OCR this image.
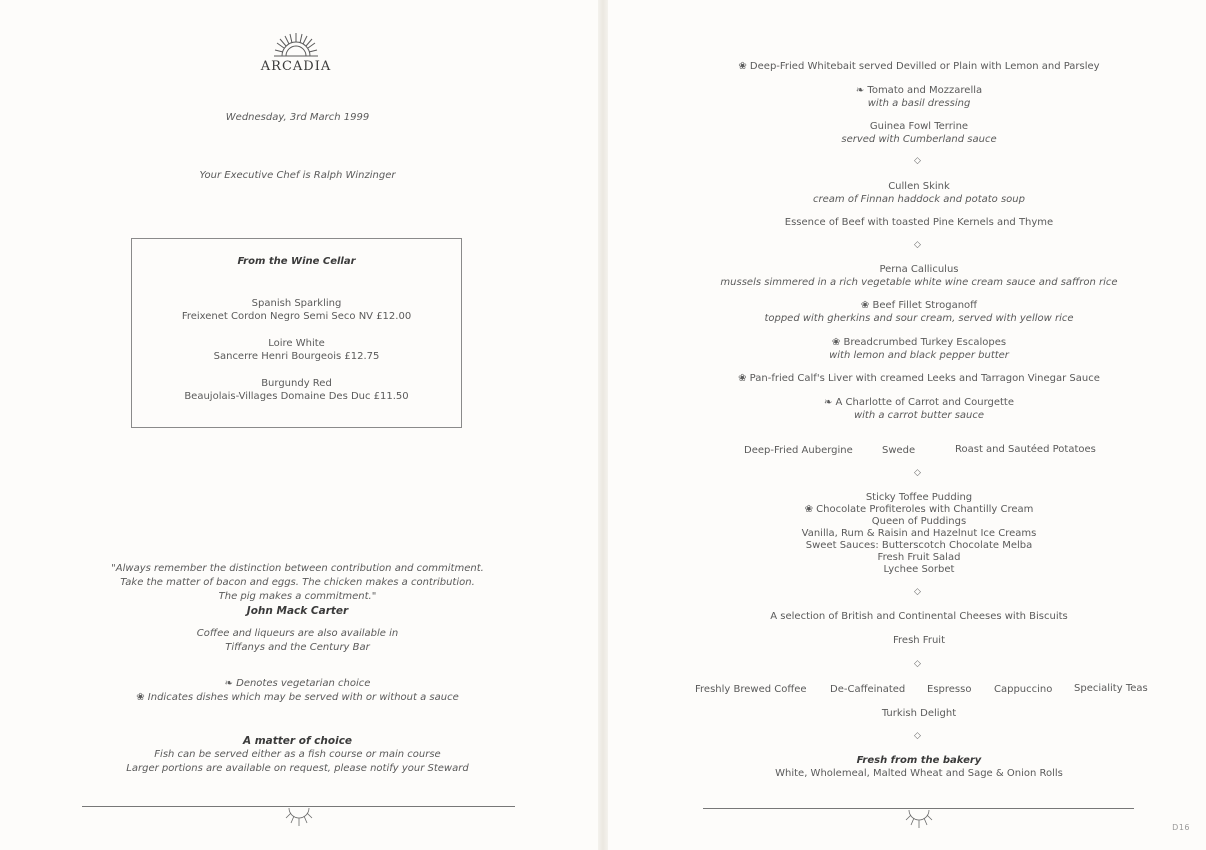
ARCADIA
Wednesday, 3rd March 1999
Your Executive Chef is Ralph Winzinger
From the Wine Cellar
Spanish Sparkling
Freixenet Cordon Negro Semi Seco NV £12.00
Loire White
Sancerre Henri Bourgeois £12.75
Burgundy Red
Beaujolais-Villages Domaine Des Duc £11.50
"Always remember the distinction between contribution and commitment.
Take the matter of bacon and eggs. The chicken makes a contribution.
The pig makes a commitment."
John Mack Carter
Coffee and liqueurs are also available in
Tiffanys and the Century Bar
❧ Denotes vegetarian choice
❀ Indicates dishes which may be served with or without a sauce
A matter of choice
Fish can be served either as a fish course or main course
Larger portions are available on request, please notify your Steward
❀ Deep-Fried Whitebait served Devilled or Plain with Lemon and Parsley
❧ Tomato and Mozzarella
with a basil dressing
Guinea Fowl Terrine
served with Cumberland sauce
◇
Cullen Skink
cream of Finnan haddock and potato soup
Essence of Beef with toasted Pine Kernels and Thyme
◇
Perna Calliculus
mussels simmered in a rich vegetable white wine cream sauce and saffron rice
❀ Beef Fillet Stroganoff
topped with gherkins and sour cream, served with yellow rice
❀ Breadcrumbed Turkey Escalopes
with lemon and black pepper butter
❀ Pan-fried Calf's Liver with creamed Leeks and Tarragon Vinegar Sauce
❧ A Charlotte of Carrot and Courgette
with a carrot butter sauce
Deep-Fried Aubergine	Swede	Roast and Sautéed Potatoes
◇
Sticky Toffee Pudding
❀ Chocolate Profiteroles with Chantilly Cream
Queen of Puddings
Vanilla, Rum & Raisin and Hazelnut Ice Creams
Sweet Sauces: Butterscotch Chocolate Melba
Fresh Fruit Salad
Lychee Sorbet
◇
A selection of British and Continental Cheeses with Biscuits
Fresh Fruit
◇
Freshly Brewed Coffee De-Caffeinated Espresso Cappuccino Speciality Teas
Turkish Delight
◇
Fresh from the bakery
White, Wholemeal, Malted Wheat and Sage & Onion Rolls
D16
